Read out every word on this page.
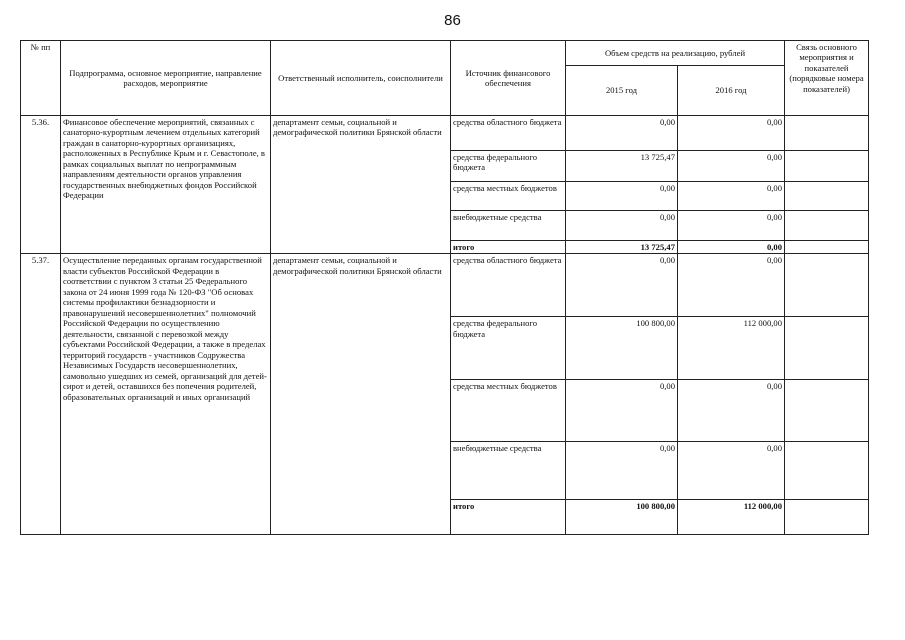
86
№ пп	Подпрограмма, основное мероприятие, направление расходов, мероприятие	Ответственный исполнитель, соисполнители	Источник финансового обеспечения	Объем средств на реализацию, рублей		Связь основного мероприятия и показателей (порядковые номера показателей)
				2015 год	2016 год	
5.36.	Финансовое обеспечение мероприятий, связанных с санаторно-курортным лечением отдельных категорий граждан в санаторно-курортных организациях, расположенных в Республике Крым и г. Севастополе, в рамках социальных выплат по непрограммным направлениям деятельности органов управления государственных внебюджетных фондов Российской Федерации	департамент семьи, социальной и демографической политики Брянской области	средства областного бюджета	0,00	0,00	
			средства федерального бюджета	13 725,47	0,00	
			средства местных бюджетов	0,00	0,00	
			внебюджетные средства	0,00	0,00	
			итого	13 725,47	0,00	
5.37.	Осуществление переданных органам государственной власти субъектов Российской Федерации в соответствии с пунктом 3 статьи 25 Федерального закона от 24 июня 1999 года № 120-ФЗ "Об основах системы профилактики безнадзорности и правонарушений несовершеннолетних" полномочий Российской Федерации по осуществлению деятельности, связанной с перевозкой между субъектами Российской Федерации, а также в пределах территорий государств - участников Содружества Независимых Государств несовершеннолетних, самовольно ушедших из семей, организаций для детей-сирот и детей, оставшихся без попечения родителей, образовательных организаций и иных организаций	департамент семьи, социальной и демографической политики Брянской области	средства областного бюджета	0,00	0,00	
			средства федерального бюджета	100 800,00	112 000,00	
			средства местных бюджетов	0,00	0,00	
			внебюджетные средства	0,00	0,00	
			итого	100 800,00	112 000,00	
